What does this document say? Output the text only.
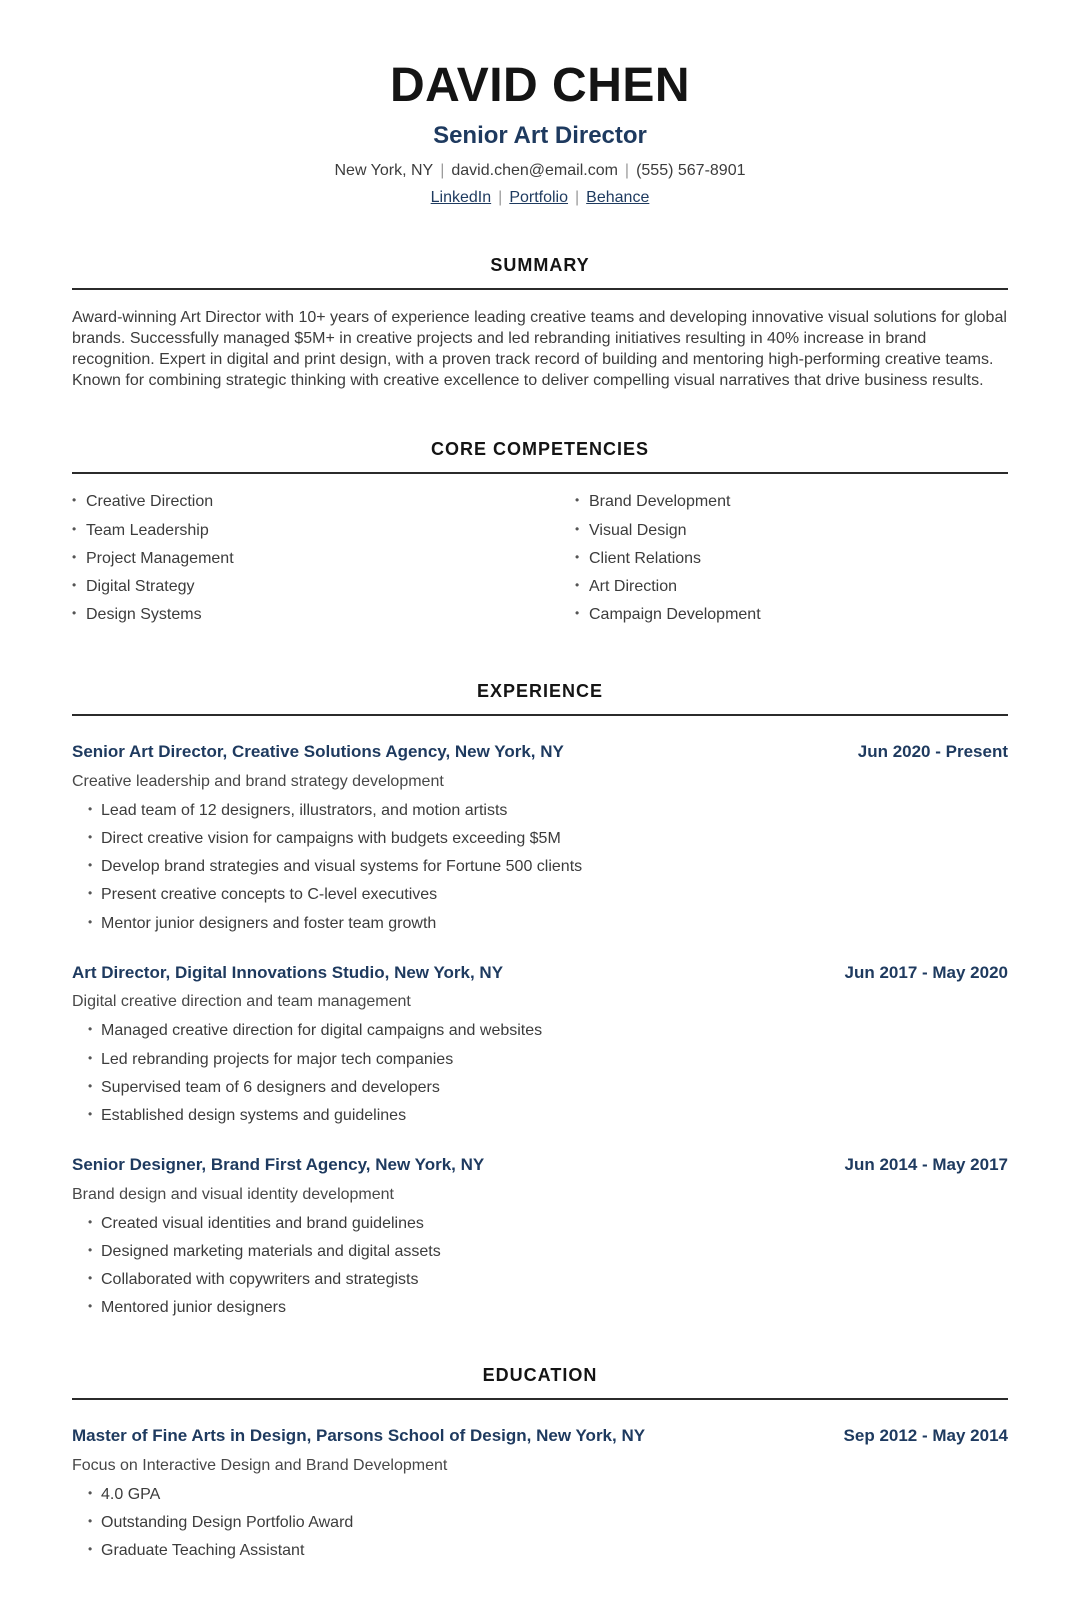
DAVID CHEN
Senior Art Director
New York, NY | david.chen@email.com | (555) 567-8901
LinkedIn | Portfolio | Behance
SUMMARY

Award-winning Art Director with 10+ years of experience leading creative teams and developing innovative visual solutions for global brands. Successfully managed $5M+ in creative projects and led rebranding initiatives resulting in 40% increase in brand recognition. Expert in digital and print design, with a proven track record of building and mentoring high-performing creative teams. Known for combining strategic thinking with creative excellence to deliver compelling visual narratives that drive business results.

CORE COMPETENCIES
• Creative Direction
• Team Leadership
• Project Management
• Digital Strategy
• Design Systems
• Brand Development
• Visual Design
• Client Relations
• Art Direction
• Campaign Development
EXPERIENCE
Senior Art Director, Creative Solutions Agency, New York, NY	Jun 2020 - Present
Creative leadership and brand strategy development
• Lead team of 12 designers, illustrators, and motion artists
• Direct creative vision for campaigns with budgets exceeding $5M
• Develop brand strategies and visual systems for Fortune 500 clients
• Present creative concepts to C-level executives
• Mentor junior designers and foster team growth
Art Director, Digital Innovations Studio, New York, NY	Jun 2017 - May 2020
Digital creative direction and team management
• Managed creative direction for digital campaigns and websites
• Led rebranding projects for major tech companies
• Supervised team of 6 designers and developers
• Established design systems and guidelines
Senior Designer, Brand First Agency, New York, NY	Jun 2014 - May 2017
Brand design and visual identity development
• Created visual identities and brand guidelines
• Designed marketing materials and digital assets
• Collaborated with copywriters and strategists
• Mentored junior designers
EDUCATION
Master of Fine Arts in Design, Parsons School of Design, New York, NY	Sep 2012 - May 2014
Focus on Interactive Design and Brand Development
• 4.0 GPA
• Outstanding Design Portfolio Award
• Graduate Teaching Assistant
